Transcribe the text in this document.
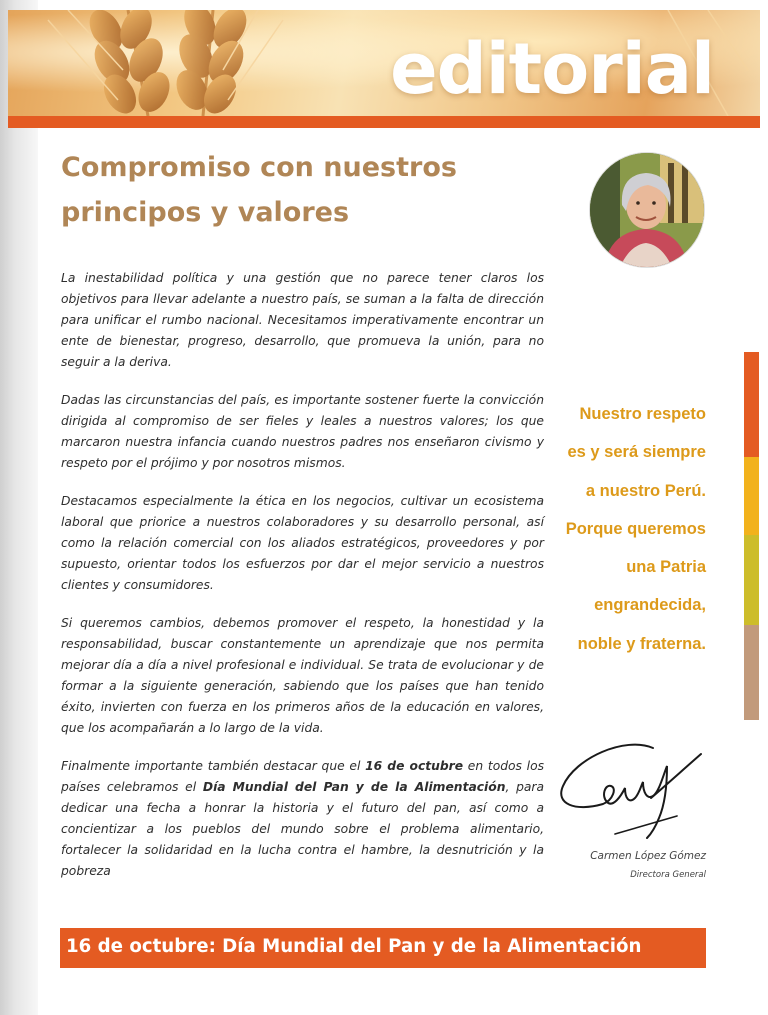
editorial
Compromiso con nuestros principos y valores

La inestabilidad política y una gestión que no parece tener claros los objetivos para llevar adelante a nuestro país, se suman a la falta de dirección para unificar el rumbo nacional. Necesitamos imperativamente encontrar un ente de bienestar, progreso, desarrollo, que promueva la unión, para no seguir a la deriva.

Dadas las circunstancias del país, es importante sostener fuerte la convicción dirigida al compromiso de ser fieles y leales a nuestros valores; los que marcaron nuestra infancia cuando nuestros padres nos enseñaron civismo y respeto por el prójimo y por nosotros mismos.

Destacamos especialmente la ética en los negocios, cultivar un ecosistema laboral que priorice a nuestros colaboradores y su desarrollo personal, así como la relación comercial con los aliados estratégicos, proveedores y por supuesto, orientar todos los esfuerzos por dar el mejor servicio a nuestros clientes y consumidores.

Si queremos cambios, debemos promover el respeto, la honestidad y la responsabilidad, buscar constantemente un aprendizaje que nos permita mejorar día a día a nivel profesional e individual. Se trata de evolucionar y de formar a la siguiente generación, sabiendo que los países que han tenido éxito, invierten con fuerza en los primeros años de la educación en valores, que los acompañarán a lo largo de la vida.

Finalmente importante también destacar que el 16 de octubre en todos los países celebramos el Día Mundial del Pan y de la Alimentación, para dedicar una fecha a honrar la historia y el futuro del pan, así como a concientizar a los pueblos del mundo sobre el problema alimentario, fortalecer la solidaridad en la lucha contra el hambre, la desnutrición y la pobreza

Nuestro respeto
es y será siempre
a nuestro Perú.
Porque queremos
una Patria
engrandecida,
noble y fraterna.
Carmen López Gómez
Directora General
16 de octubre: Día Mundial del Pan y de la Alimentación
